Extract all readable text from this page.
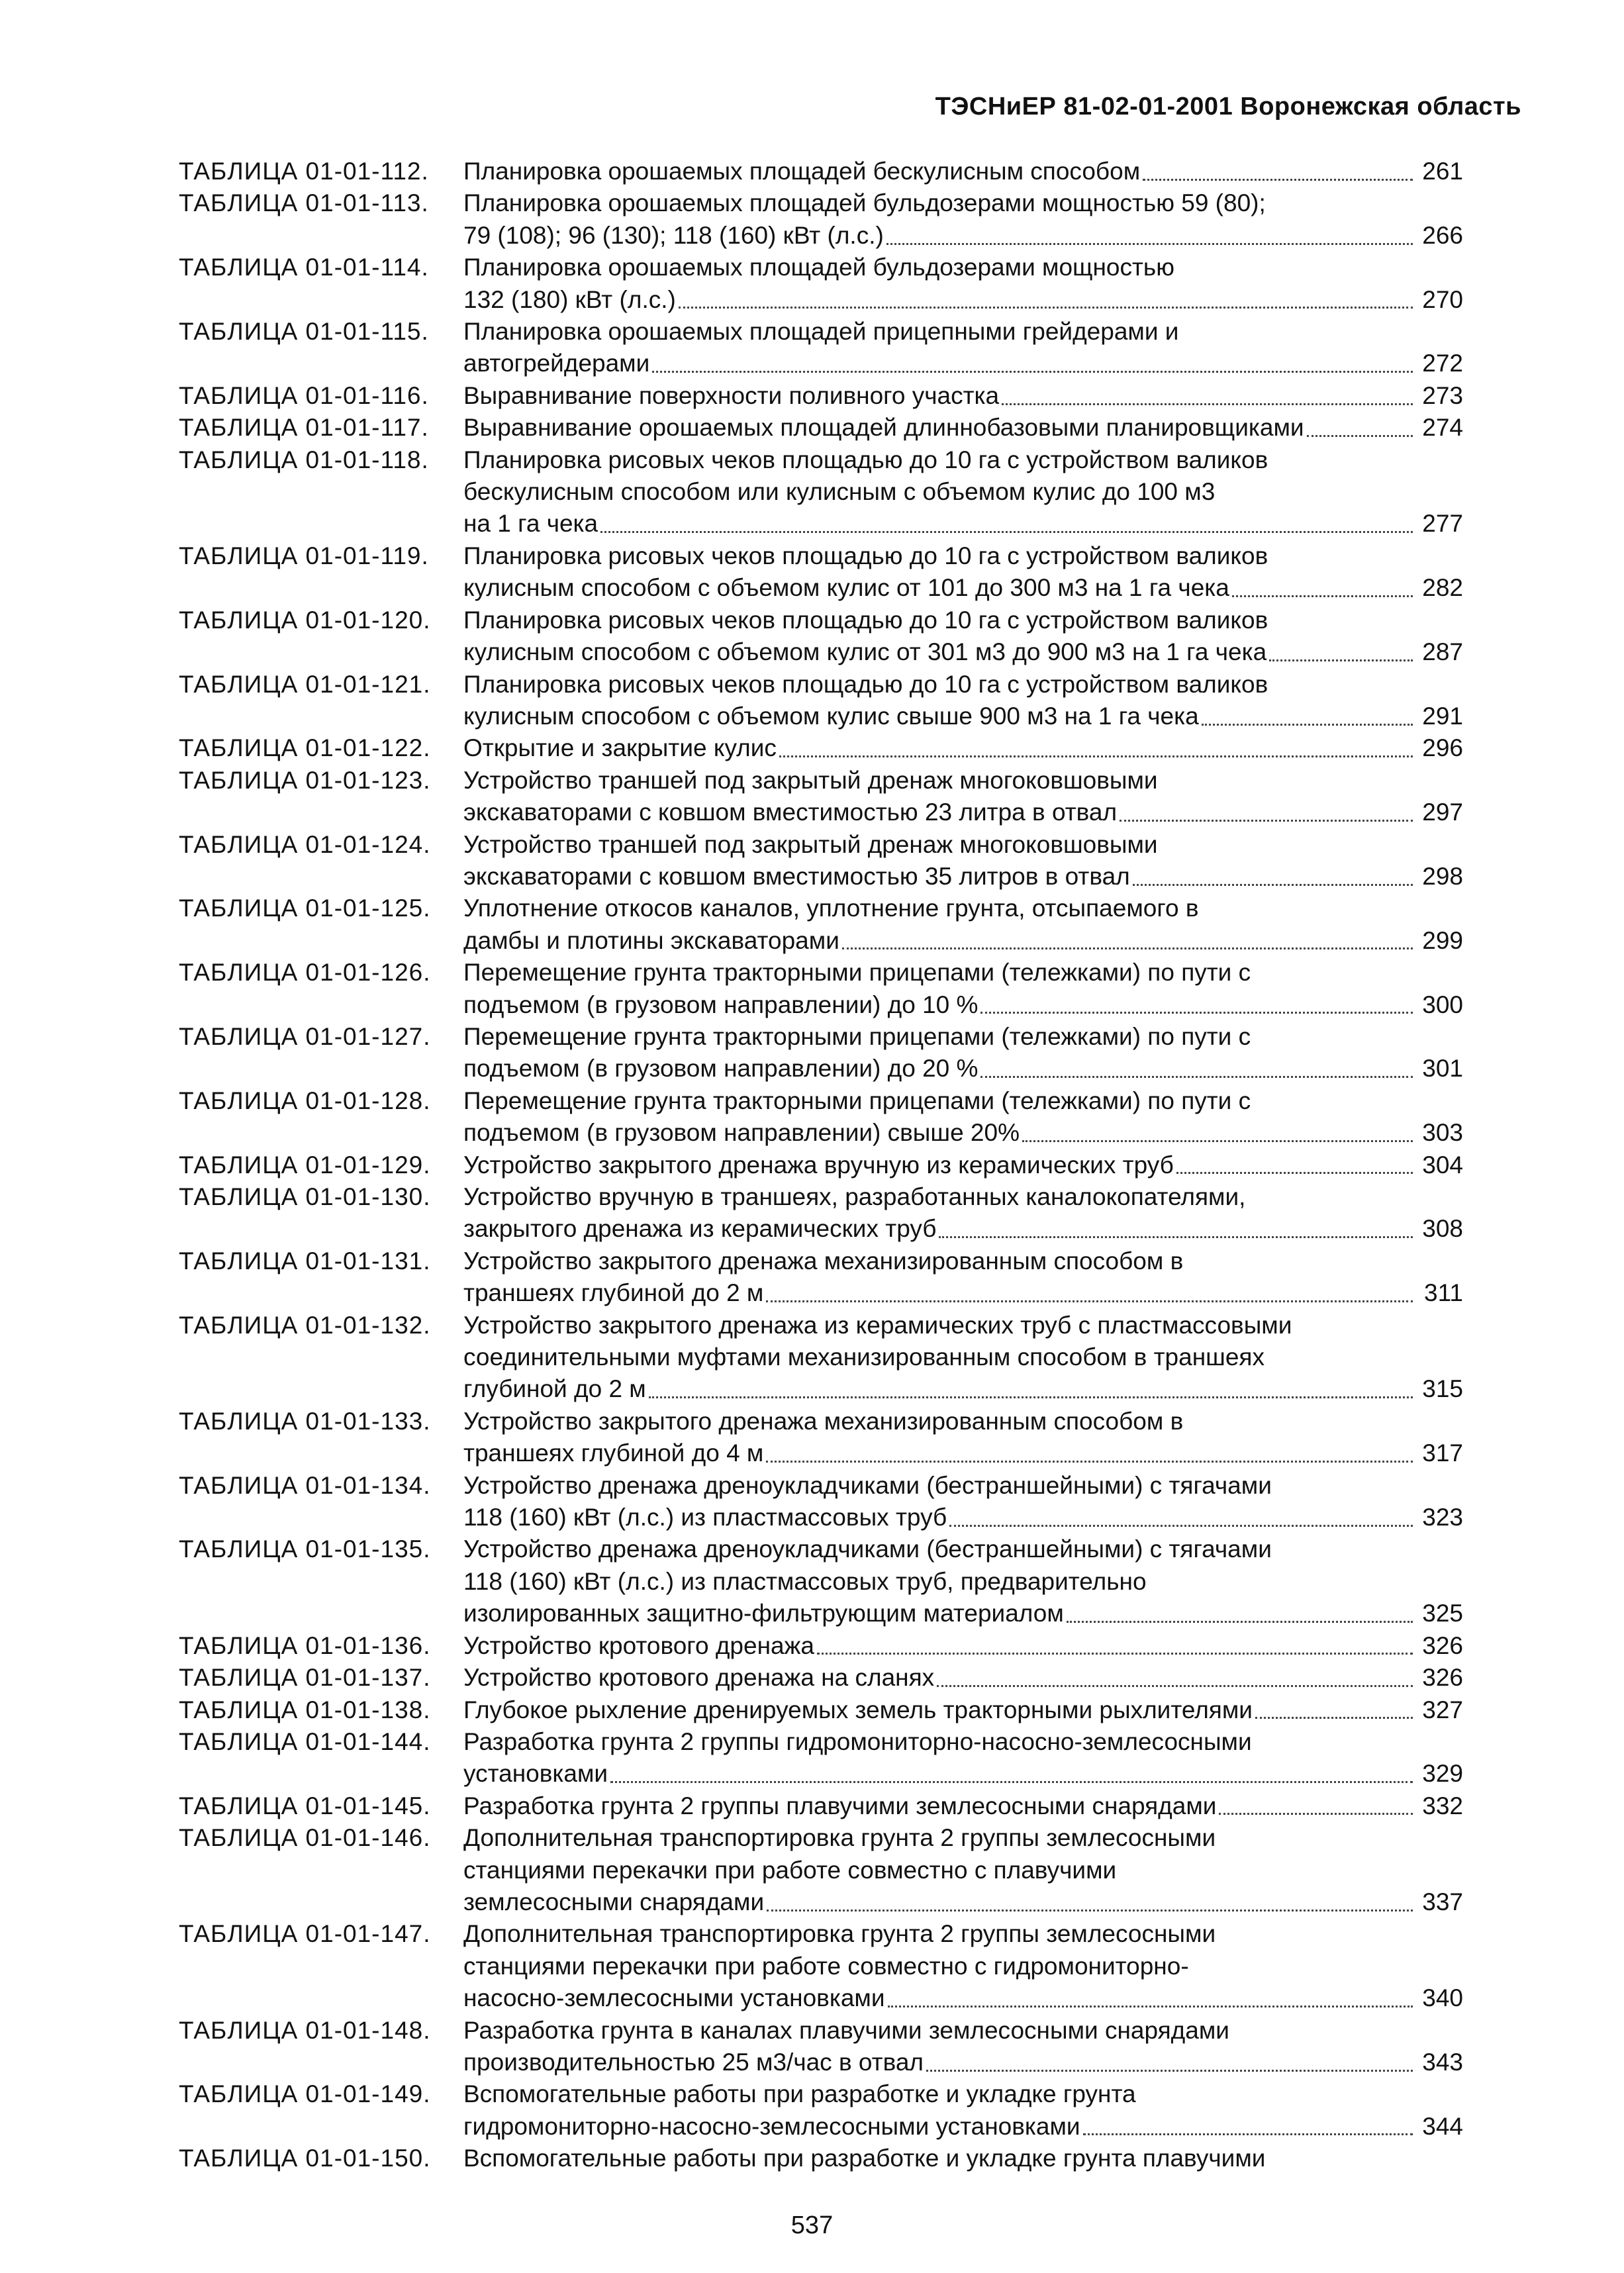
ТЭСНиЕР 81-02-01-2001 Воронежская область
ТАБЛИЦА 01-01-112.	Планировка орошаемых площадей бескулисным способом	261
ТАБЛИЦА 01-01-113.	Планировка орошаемых площадей бульдозерами мощностью 59 (80);
79 (108); 96 (130); 118 (160) кВт (л.с.)	266
ТАБЛИЦА 01-01-114.	Планировка орошаемых площадей бульдозерами мощностью
132 (180) кВт (л.с.)	270
ТАБЛИЦА 01-01-115.	Планировка орошаемых площадей прицепными грейдерами и
автогрейдерами	272
ТАБЛИЦА 01-01-116.	Выравнивание поверхности поливного участка	273
ТАБЛИЦА 01-01-117.	Выравнивание орошаемых площадей длиннобазовыми планировщиками	274
ТАБЛИЦА 01-01-118.	Планировка рисовых чеков площадью до 10 га с устройством валиков
бескулисным способом или кулисным с объемом кулис до 100 м3
на 1 га чека	277
ТАБЛИЦА 01-01-119.	Планировка рисовых чеков площадью до 10 га с устройством валиков
кулисным способом с объемом кулис от 101 до 300 м3 на 1 га чека	282
ТАБЛИЦА 01-01-120.	Планировка рисовых чеков площадью до 10 га с устройством валиков
кулисным способом с объемом кулис от 301 м3 до 900 м3 на 1 га чека	287
ТАБЛИЦА 01-01-121.	Планировка рисовых чеков площадью до 10 га с устройством валиков
кулисным способом с объемом кулис свыше 900 м3 на 1 га чека	291
ТАБЛИЦА 01-01-122.	Открытие и закрытие кулис	296
ТАБЛИЦА 01-01-123.	Устройство траншей под закрытый дренаж многоковшовыми
экскаваторами с ковшом вместимостью 23 литра в отвал	297
ТАБЛИЦА 01-01-124.	Устройство траншей под закрытый дренаж многоковшовыми
экскаваторами с ковшом вместимостью 35 литров в отвал	298
ТАБЛИЦА 01-01-125.	Уплотнение откосов каналов, уплотнение грунта, отсыпаемого в
дамбы и плотины экскаваторами	299
ТАБЛИЦА 01-01-126.	Перемещение грунта тракторными прицепами (тележками) по пути с
подъемом (в грузовом направлении) до 10 %	300
ТАБЛИЦА 01-01-127.	Перемещение грунта тракторными прицепами (тележками) по пути с
подъемом (в грузовом направлении) до 20 %	301
ТАБЛИЦА 01-01-128.	Перемещение грунта тракторными прицепами (тележками) по пути с
подъемом (в грузовом направлении) свыше 20%	303
ТАБЛИЦА 01-01-129.	Устройство закрытого дренажа вручную из керамических труб	304
ТАБЛИЦА 01-01-130.	Устройство вручную в траншеях, разработанных каналокопателями,
закрытого дренажа из керамических труб	308
ТАБЛИЦА 01-01-131.	Устройство закрытого дренажа механизированным способом в
траншеях глубиной до 2 м	311
ТАБЛИЦА 01-01-132.	Устройство закрытого дренажа из керамических труб с пластмассовыми
соединительными муфтами механизированным способом в траншеях
глубиной до 2 м	315
ТАБЛИЦА 01-01-133.	Устройство закрытого дренажа механизированным способом в
траншеях глубиной до 4 м	317
ТАБЛИЦА 01-01-134.	Устройство дренажа дреноукладчиками (бестраншейными) с тягачами
118 (160) кВт (л.с.) из пластмассовых труб	323
ТАБЛИЦА 01-01-135.	Устройство дренажа дреноукладчиками (бестраншейными) с тягачами
118 (160) кВт (л.с.) из пластмассовых труб, предварительно
изолированных защитно-фильтрующим материалом	325
ТАБЛИЦА 01-01-136.	Устройство кротового дренажа	326
ТАБЛИЦА 01-01-137.	Устройство кротового дренажа на сланях	326
ТАБЛИЦА 01-01-138.	Глубокое рыхление дренируемых земель тракторными рыхлителями	327
ТАБЛИЦА 01-01-144.	Разработка грунта 2 группы гидромониторно-насосно-землесосными
установками	329
ТАБЛИЦА 01-01-145.	Разработка грунта 2 группы плавучими землесосными снарядами	332
ТАБЛИЦА 01-01-146.	Дополнительная транспортировка грунта 2 группы землесосными
станциями перекачки при работе совместно с плавучими
землесосными снарядами	337
ТАБЛИЦА 01-01-147.	Дополнительная транспортировка грунта 2 группы землесосными
станциями перекачки при работе совместно с гидромониторно-
насосно-землесосными установками	340
ТАБЛИЦА 01-01-148.	Разработка грунта в каналах плавучими землесосными снарядами
производительностью 25 м3/час в отвал	343
ТАБЛИЦА 01-01-149.	Вспомогательные работы при разработке и укладке грунта
гидромониторно-насосно-землесосными установками	344
ТАБЛИЦА 01-01-150.	Вспомогательные работы при разработке и укладке грунта плавучими
537
